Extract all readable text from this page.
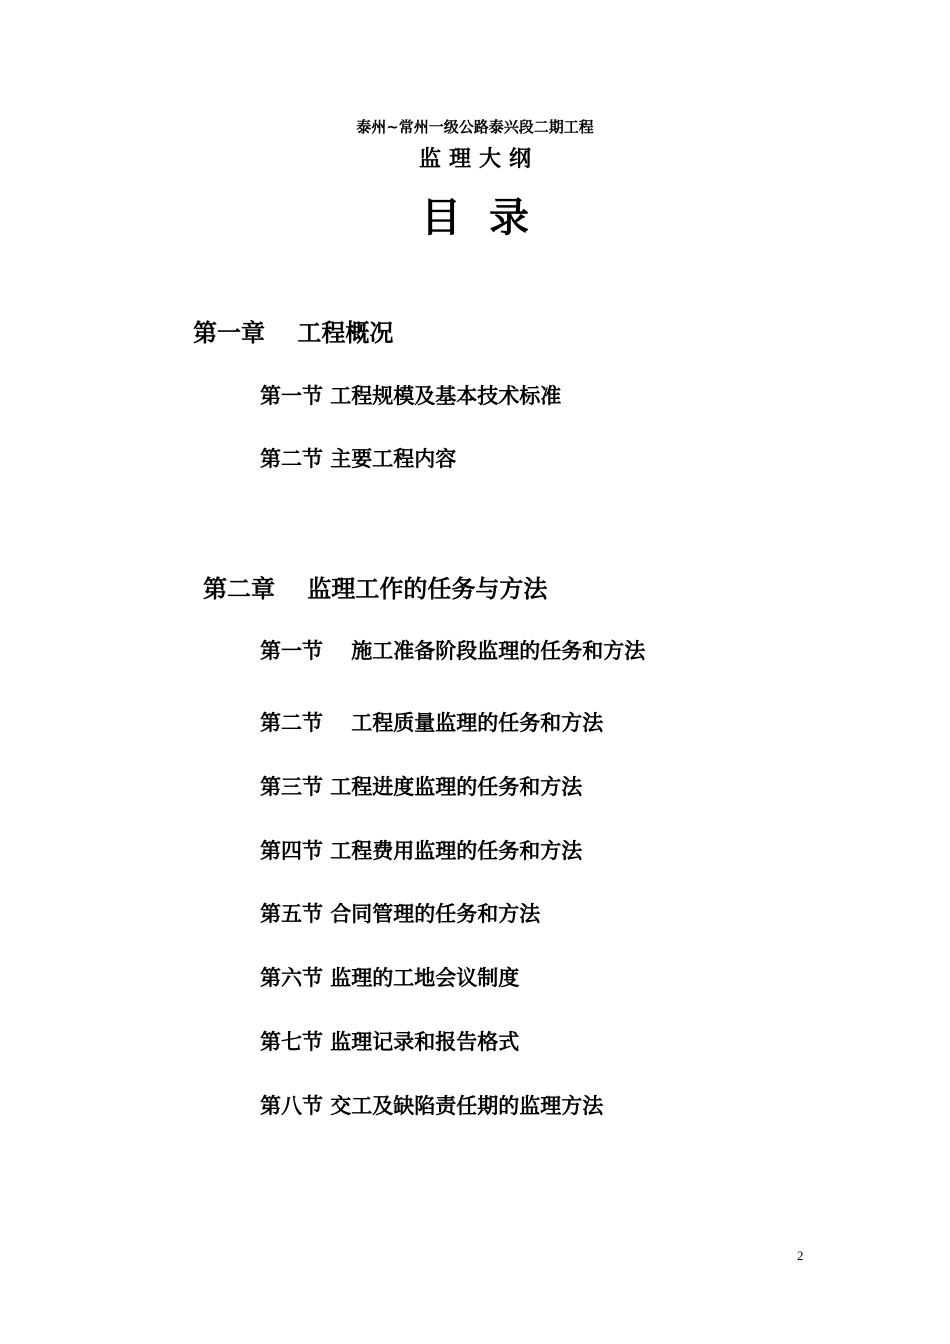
泰州~常州一级公路泰兴段二期工程
监理大纲
目录
第一章　 工程概况
第一节 工程规模及基本技术标准
第二节 主要工程内容
第二章　 监理工作的任务与方法
第一节 　施工准备阶段监理的任务和方法
第二节 　工程质量监理的任务和方法
第三节 工程进度监理的任务和方法
第四节 工程费用监理的任务和方法
第五节 合同管理的任务和方法
第六节 监理的工地会议制度
第七节 监理记录和报告格式
第八节 交工及缺陷责任期的监理方法
2
